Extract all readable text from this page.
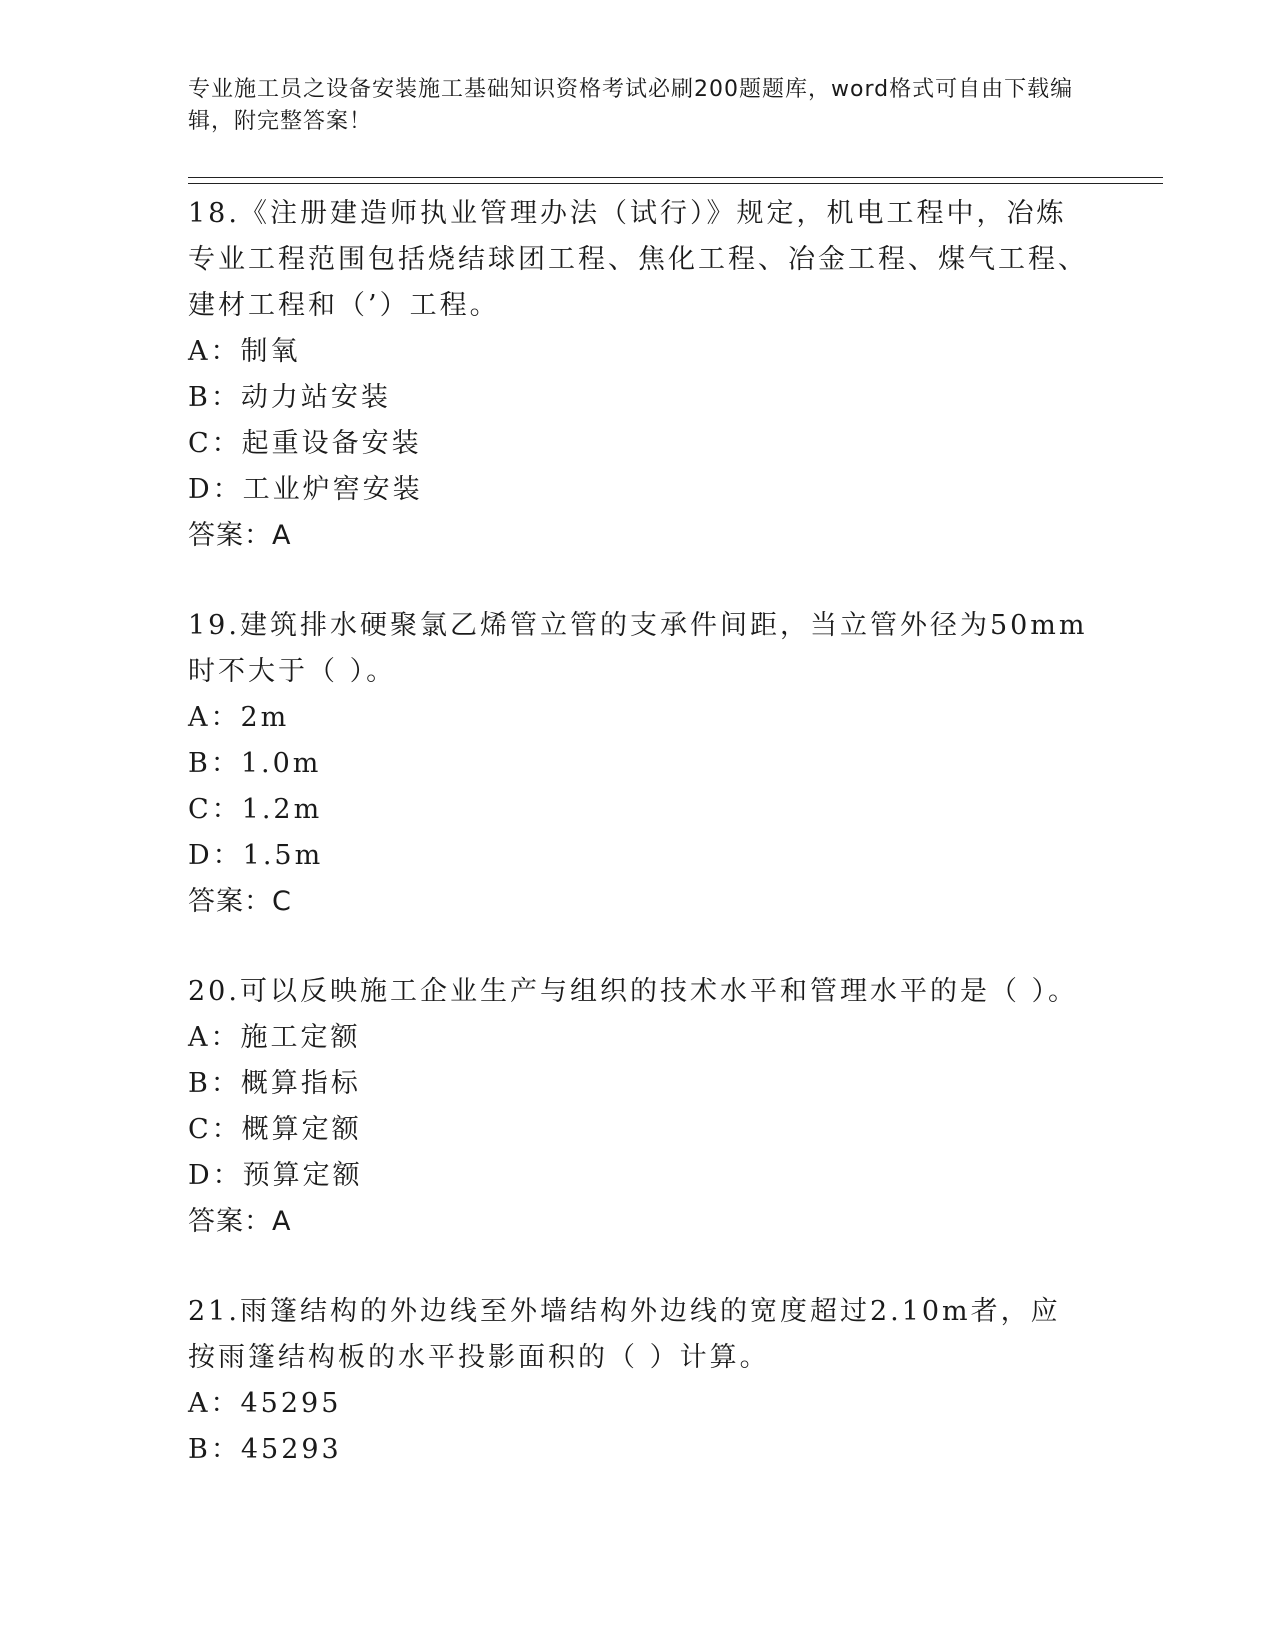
专业施工员之设备安装施工基础知识资格考试必刷200题题库，word格式可自由下载编辑，附完整答案！

18.《注册建造师执业管理办法（试行）》规定，机电工程中，冶炼专业工程范围包括烧结球团工程、焦化工程、冶金工程、煤气工程、建材工程和（’）工程。

A：制氧

B：动力站安装

C：起重设备安装

D：工业炉窖安装

答案：A

19.建筑排水硬聚氯乙烯管立管的支承件间距，当立管外径为50mm时不大于（ ）。

A：2m

B：1.0m

C：1.2m

D：1.5m

答案：C

20.可以反映施工企业生产与组织的技术水平和管理水平的是（ ）。

A：施工定额

B：概算指标

C：概算定额

D：预算定额

答案：A

21.雨篷结构的外边线至外墙结构外边线的宽度超过2.10m者，应按雨篷结构板的水平投影面积的（ ）计算。

A：45295

B：45293
